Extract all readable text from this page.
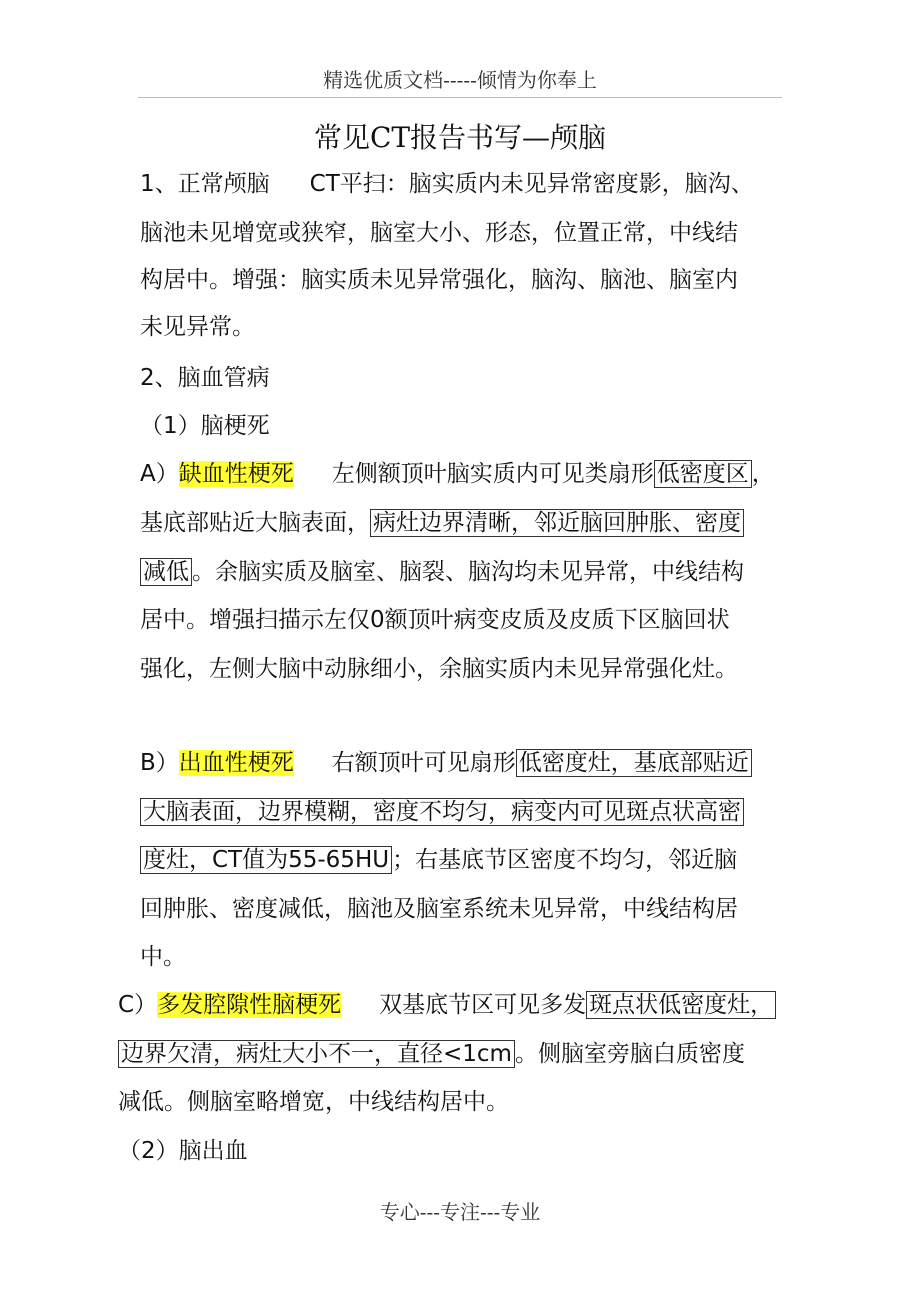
精选优质文档-----倾情为你奉上
常见CT报告书写—颅脑
1、正常颅脑 CT平扫：脑实质内未见异常密度影，脑沟、
脑池未见增宽或狭窄，脑室大小、形态，位置正常，中线结
构居中。增强：脑实质未见异常强化，脑沟、脑池、脑室内
未见异常。
2、脑血管病
（1）脑梗死
A）缺血性梗死 左侧额顶叶脑实质内可见类扇形 低密度区 ，
基底部贴近大脑表面， 病灶边界清晰，邻近脑回肿胀、密度
减低 。余脑实质及脑室、脑裂、脑沟均未见异常，中线结构
居中。增强扫描示左仅0额顶叶病变皮质及皮质下区脑回状
强化，左侧大脑中动脉细小，余脑实质内未见异常强化灶。
B）出血性梗死 右额顶叶可见扇形 低密度灶，基底部贴近
大脑表面，边界模糊，密度不均匀，病变内可见斑点状高密
度灶，CT值为55-65HU ；右基底节区密度不均匀，邻近脑
回肿胀、密度减低，脑池及脑室系统未见异常，中线结构居
中。
C）多发腔隙性脑梗死 双基底节区可见多发 斑点状低密度灶，
边界欠清，病灶大小不一，直径<1cm 。侧脑室旁脑白质密度
减低。侧脑室略增宽，中线结构居中。
（2）脑出血
专心---专注---专业
